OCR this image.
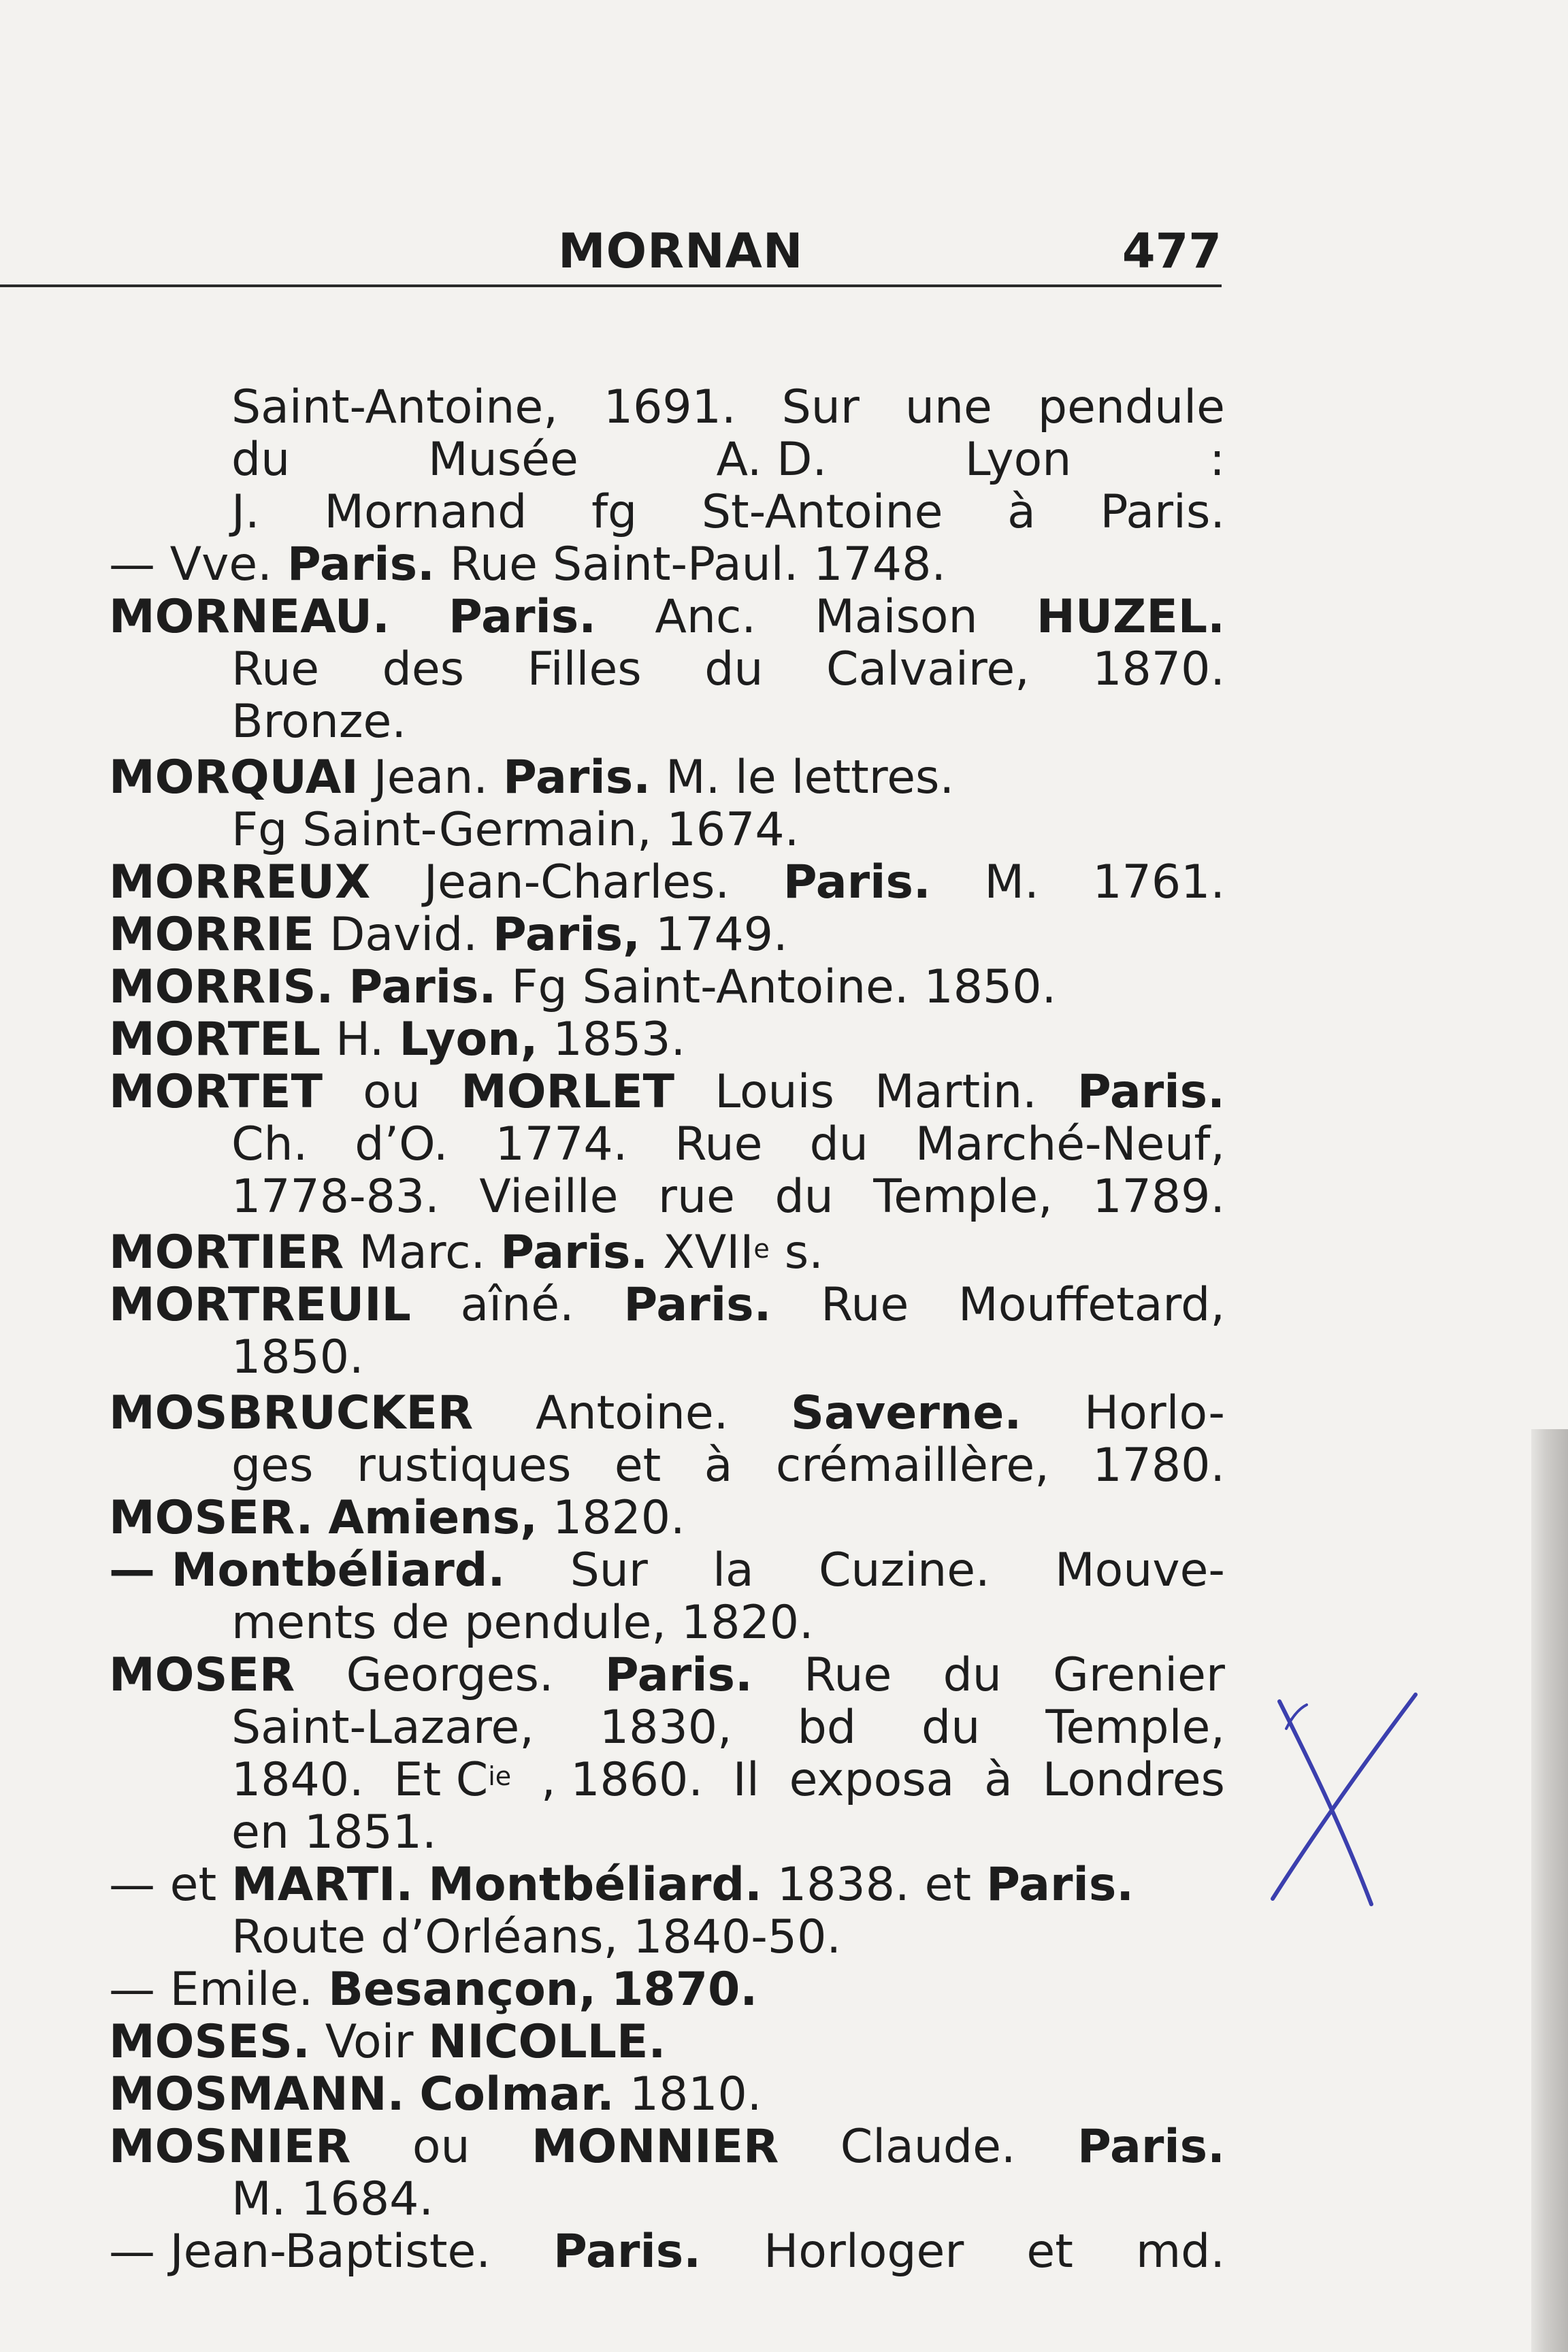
MORNAN	477
Saint-Antoine, 1691. Sur une pendule
du	Musée	A. D.	Lyon	:
J. Mornand fg St-Antoine à Paris.
— Vve. Paris. Rue Saint-Paul. 1748.
MORNEAU. Paris. Anc. Maison HUZEL.
Rue des Filles du Calvaire, 1870.
Bronze.
MORQUAI Jean. Paris. M. le lettres.
Fg Saint-Germain, 1674.
MORREUX Jean-Charles. Paris. M. 1761.
MORRIE David. Paris, 1749.
MORRIS. Paris. Fg Saint-Antoine. 1850.
MORTEL H. Lyon, 1853.
MORTET ou MORLET Louis Martin. Paris.
Ch. d’O. 1774. Rue du Marché-Neuf,
1778-83. Vieille rue du Temple, 1789.
MORTIER Marc. Paris. XVIIe s.
MORTREUIL aîné. Paris. Rue Mouffetard,
1850.
MOSBRUCKER Antoine. Saverne. Horlo-
ges rustiques et à crémaillère, 1780.
MOSER. Amiens, 1820.
— Montbéliard. Sur la Cuzine. Mouve-
ments de pendule, 1820.
MOSER Georges. Paris. Rue du Grenier
Saint-Lazare, 1830, bd du Temple,
1840. Et $C^{ie}$ , 1860. Il exposa à Londres
en 1851.
— et MARTI. Montbéliard. 1838. et Paris.
Route d’Orléans, 1840-50.
— Emile. Besançon, 1870.
MOSES. Voir NICOLLE.
MOSMANN. Colmar. 1810.
MOSNIER ou MONNIER Claude. Paris.
M. 1684.
— Jean-Baptiste. Paris. Horloger et md.
